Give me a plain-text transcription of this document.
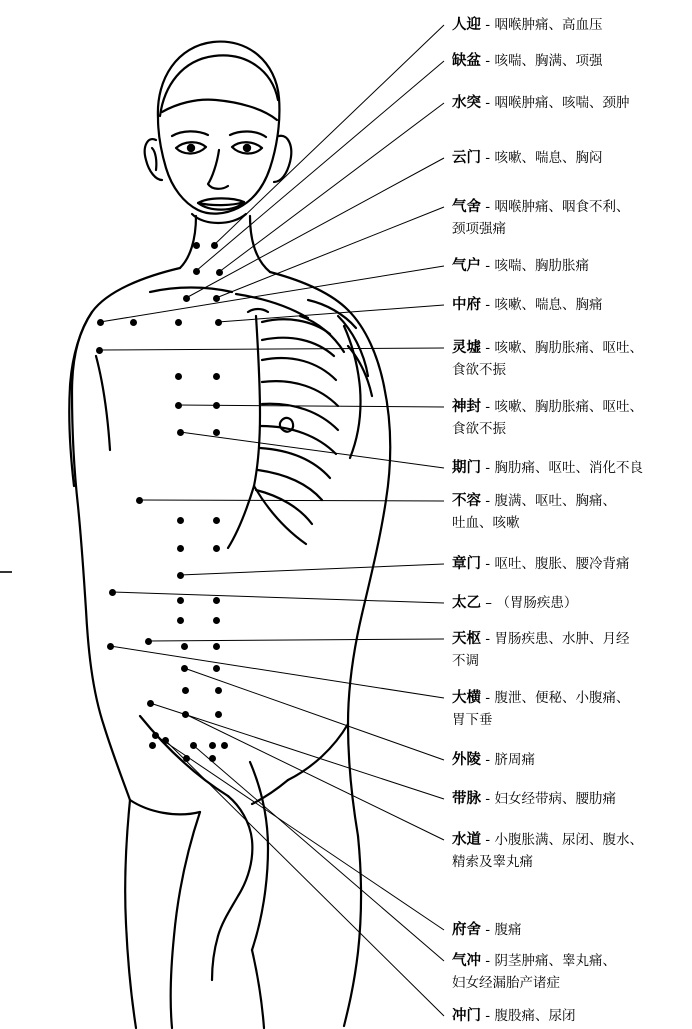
人迎 - 咽喉肿痛、高血压
缺盆 - 咳喘、胸满、项强
水突 - 咽喉肿痛、咳喘、颈肿
云门 - 咳嗽、喘息、胸闷
气舍 - 咽喉肿痛、咽食不利、
颈项强痛
气户 - 咳喘、胸肋胀痛
中府 - 咳嗽、喘息、胸痛
灵墟 - 咳嗽、胸肋胀痛、呕吐、
食欲不振
神封 - 咳嗽、胸肋胀痛、呕吐、
食欲不振
期门 - 胸肋痛、呕吐、消化不良
不容 - 腹满、呕吐、胸痛、
吐血、咳嗽
章门 - 呕吐、腹胀、腰冷背痛
太乙 – （胃肠疾患）
天枢 - 胃肠疾患、水肿、月经
不调
大横 - 腹泄、便秘、小腹痛、
胃下垂
外陵 - 脐周痛
带脉 - 妇女经带病、腰肋痛
水道 - 小腹胀满、尿闭、腹水、
精索及睾丸痛
府舍 - 腹痛
气冲 - 阴茎肿痛、睾丸痛、
妇女经漏胎产诸症
冲门 - 腹股痛、尿闭
